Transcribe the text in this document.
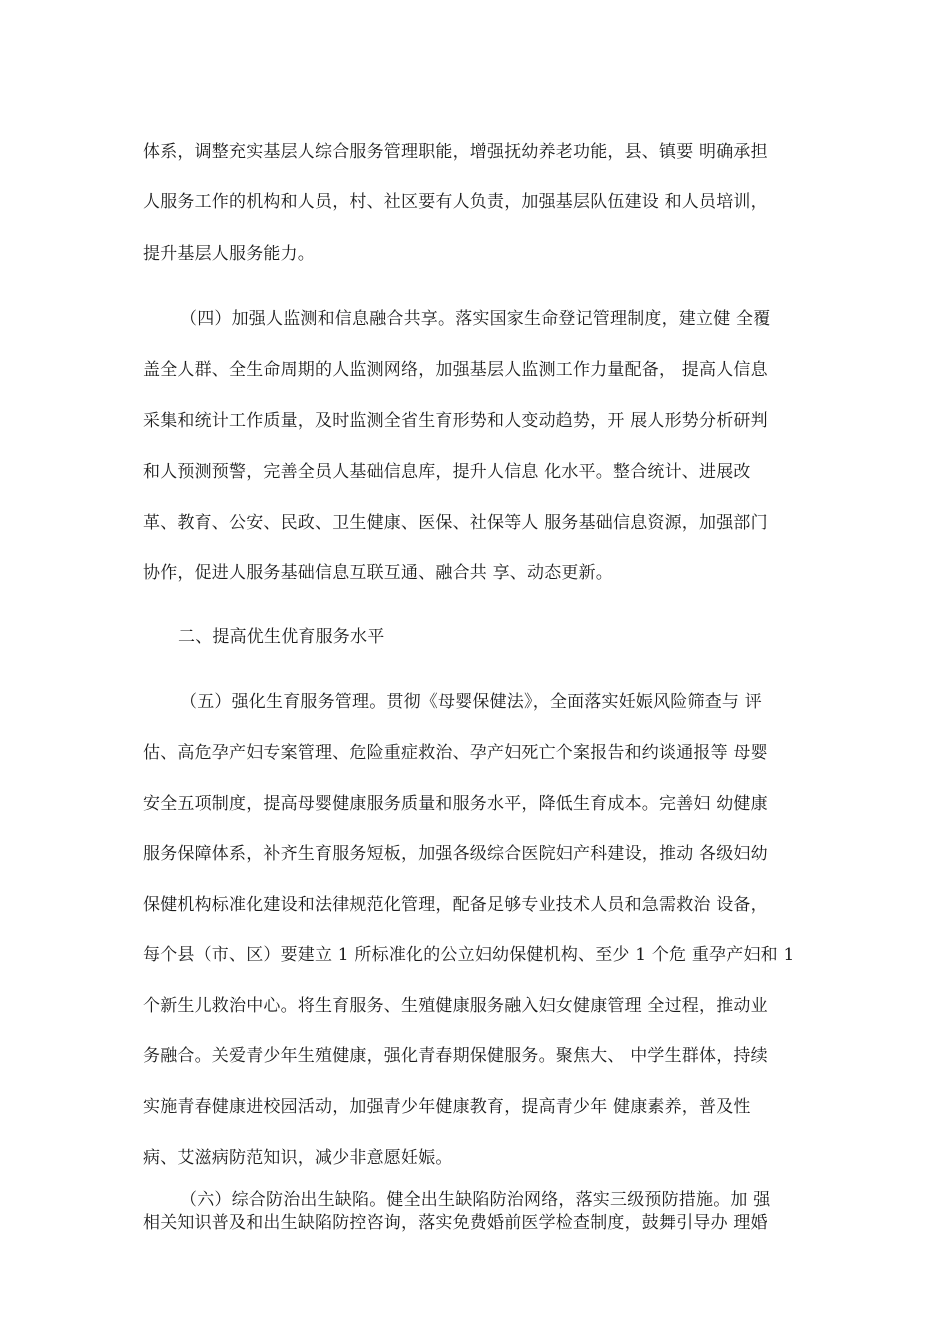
体系，调整充实基层人综合服务管理职能，增强抚幼养老功能，县、镇要 明确承担
人服务工作的机构和人员，村、社区要有人负责，加强基层队伍建设 和人员培训，
提升基层人服务能力。
（四）加强人监测和信息融合共享。落实国家生命登记管理制度，建立健 全覆
盖全人群、全生命周期的人监测网络，加强基层人监测工作力量配备， 提高人信息
采集和统计工作质量，及时监测全省生育形势和人变动趋势，开 展人形势分析研判
和人预测预警，完善全员人基础信息库，提升人信息 化水平。整合统计、进展改
革、教育、公安、民政、卫生健康、医保、社保等人 服务基础信息资源，加强部门
协作，促进人服务基础信息互联互通、融合共 享、动态更新。
二、提高优生优育服务水平
（五）强化生育服务管理。贯彻《母婴保健法》，全面落实妊娠风险筛查与 评
估、高危孕产妇专案管理、危险重症救治、孕产妇死亡个案报告和约谈通报等 母婴
安全五项制度，提高母婴健康服务质量和服务水平，降低生育成本。完善妇 幼健康
服务保障体系，补齐生育服务短板，加强各级综合医院妇产科建设，推动 各级妇幼
保健机构标准化建设和法律规范化管理，配备足够专业技术人员和急需救治 设备，
每个县（市、区）要建立 1 所标准化的公立妇幼保健机构、至少 1 个危 重孕产妇和 1
个新生儿救治中心。将生育服务、生殖健康服务融入妇女健康管理 全过程，推动业
务融合。关爱青少年生殖健康，强化青春期保健服务。聚焦大、 中学生群体，持续
实施青春健康进校园活动，加强青少年健康教育，提高青少年 健康素养，普及性
病、艾滋病防范知识，减少非意愿妊娠。
（六）综合防治出生缺陷。健全出生缺陷防治网络，落实三级预防措施。加 强
相关知识普及和出生缺陷防控咨询，落实免费婚前医学检查制度，鼓舞引导办 理婚
